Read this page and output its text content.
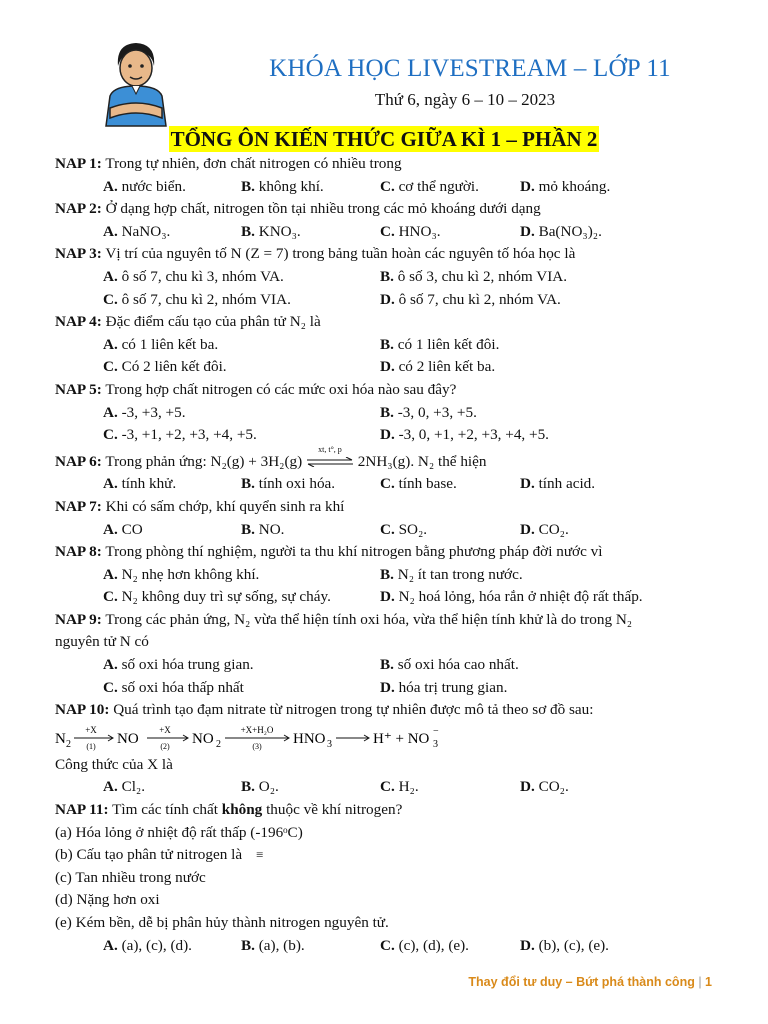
KHÓA HỌC LIVESTREAM – LỚP 11
Thứ 6, ngày 6 – 10 – 2023
TỔNG ÔN KIẾN THỨC GIỮA KÌ 1 – PHẦN 2
NAP 1: Trong tự nhiên, đơn chất nitrogen có nhiều trong
A. nước biển.	B. không khí.	C. cơ thể người.	D. mỏ khoáng.
NAP 2: Ở dạng hợp chất, nitrogen tồn tại nhiều trong các mỏ khoáng dưới dạng
A. NaNO₃.	B. KNO₃.	C. HNO₃.	D. Ba(NO₃)₂.
NAP 3: Vị trí của nguyên tố N (Z = 7) trong bảng tuần hoàn các nguyên tố hóa học là
A. ô số 7, chu kì 3, nhóm VA.	B. ô số 3, chu kì 2, nhóm VIA.
C. ô số 7, chu kì 2, nhóm VIA.	D. ô số 7, chu kì 2, nhóm VA.
NAP 4: Đặc điểm cấu tạo của phân tử N₂ là
A. có 1 liên kết ba.	B. có 1 liên kết đôi.
C. Có 2 liên kết đôi.	D. có 2 liên kết ba.
NAP 5: Trong hợp chất nitrogen có các mức oxi hóa nào sau đây?
A. -3, +3, +5.	B. -3, 0, +3, +5.
C. -3, +1, +2, +3, +4, +5.	D. -3, 0, +1, +2, +3, +4, +5.
NAP 6: Trong phản ứng: N₂(g) + 3H₂(g)
xt, t°, p
2NH₃(g). N₂ thể hiện
A. tính khử.	B. tính oxi hóa.	C. tính base.	D. tính acid.
NAP 7: Khi có sấm chớp, khí quyển sinh ra khí
A. CO	B. NO.	C. SO₂.	D. CO₂.
NAP 8: Trong phòng thí nghiệm, người ta thu khí nitrogen bằng phương pháp đời nước vì
A. N₂ nhẹ hơn không khí.	B. N₂ ít tan trong nước.
C. N₂ không duy trì sự sống, sự cháy.	D. N₂ hoá lỏng, hóa rắn ở nhiệt độ rất thấp.
NAP 9: Trong các phản ứng, N₂ vừa thể hiện tính oxi hóa, vừa thể hiện tính khử là do trong N₂
nguyên tử N có
A. số oxi hóa trung gian.	B. số oxi hóa cao nhất.
C. số oxi hóa thấp nhất	D. hóa trị trung gian.
NAP 10: Quá trình tạo đạm nitrate từ nitrogen trong tự nhiên được mô tả theo sơ đồ sau:
N 2
+X
(1) NO
+X
(2) NO 2
+X+H₂O
(3) HNO 3	H⁺ + NO 3
−
Công thức của X là
A. Cl₂.	B. O₂.	C. H₂.	D. CO₂.
NAP 11: Tìm các tính chất không thuộc về khí nitrogen?
(a) Hóa lỏng ở nhiệt độ rất thấp (-196ᵒC)
(b) Cấu tạo phân tử nitrogen là ≡
(c) Tan nhiều trong nước
(d) Nặng hơn oxi
(e) Kém bền, dễ bị phân hủy thành nitrogen nguyên tử.
A. (a), (c), (d).	B. (a), (b).	C. (c), (d), (e).	D. (b), (c), (e).
Thay đổi tư duy – Bứt phá thành công | 1
